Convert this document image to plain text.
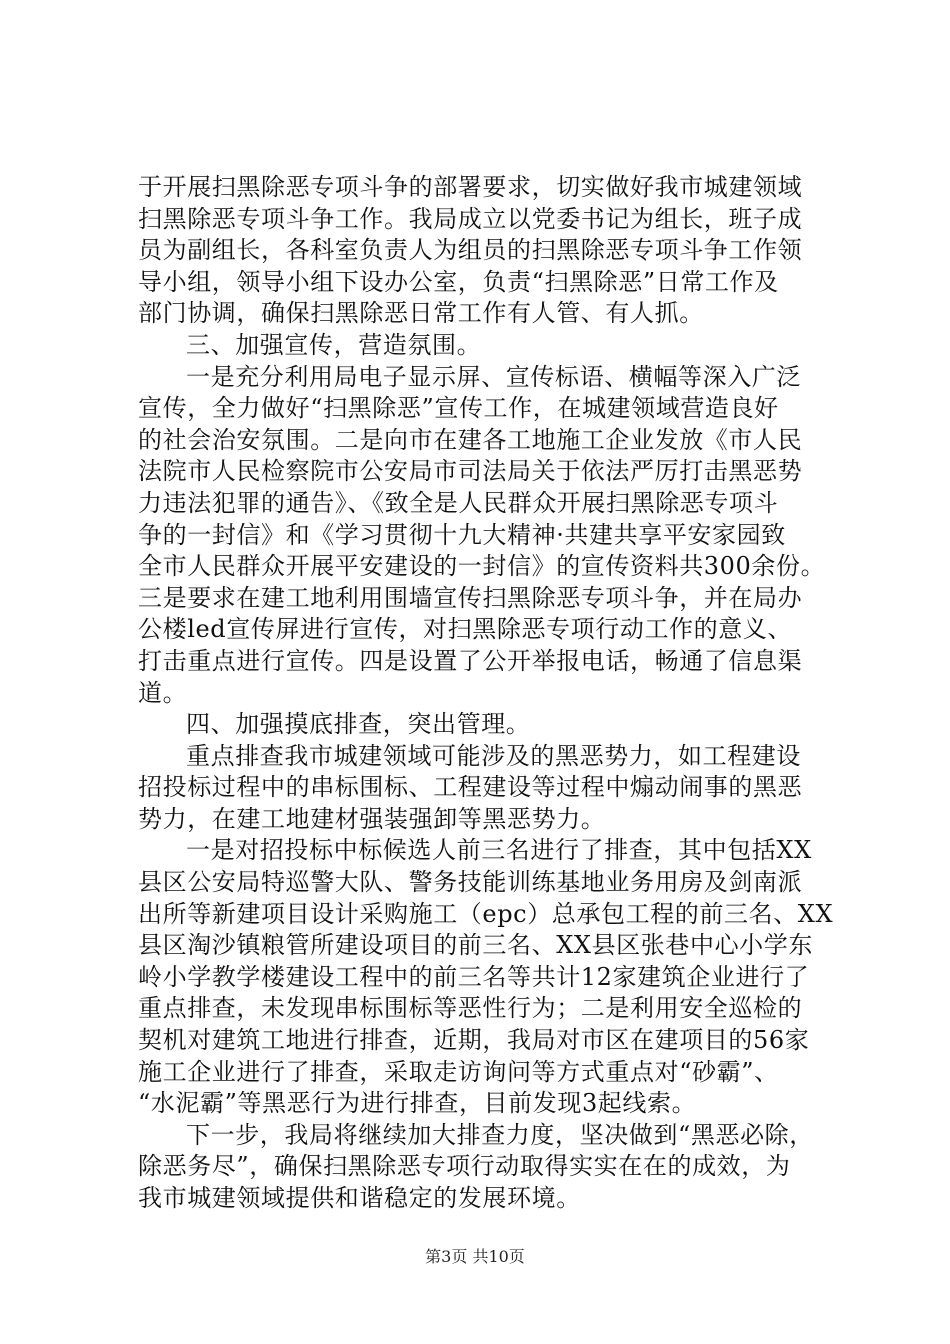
于开展扫黑除恶专项斗争的部署要求，切实做好我市城建领域
扫黑除恶专项斗争工作。我局成立以党委书记为组长，班子成
员为副组长，各科室负责人为组员的扫黑除恶专项斗争工作领
导小组，领导小组下设办公室，负责“扫黑除恶”日常工作及
部门协调，确保扫黑除恶日常工作有人管、有人抓。
三、加强宣传，营造氛围。
一是充分利用局电子显示屏、宣传标语、横幅等深入广泛
宣传，全力做好“扫黑除恶”宣传工作，在城建领域营造良好
的社会治安氛围。二是向市在建各工地施工企业发放《市人民
法院市人民检察院市公安局市司法局关于依法严厉打击黑恶势
力违法犯罪的通告》、《致全是人民群众开展扫黑除恶专项斗
争的一封信》和《学习贯彻十九大精神·共建共享平安家园致
全市人民群众开展平安建设的一封信》的宣传资料共300余份。
三是要求在建工地利用围墙宣传扫黑除恶专项斗争，并在局办
公楼led宣传屏进行宣传，对扫黑除恶专项行动工作的意义、
打击重点进行宣传。四是设置了公开举报电话，畅通了信息渠
道。
四、加强摸底排查，突出管理。
重点排查我市城建领域可能涉及的黑恶势力，如工程建设
招投标过程中的串标围标、工程建设等过程中煽动闹事的黑恶
势力，在建工地建材强装强卸等黑恶势力。
一是对招投标中标候选人前三名进行了排查，其中包括XX
县区公安局特巡警大队、警务技能训练基地业务用房及剑南派
出所等新建项目设计采购施工（epc）总承包工程的前三名、XX
县区淘沙镇粮管所建设项目的前三名、XX县区张巷中心小学东
岭小学教学楼建设工程中的前三名等共计12家建筑企业进行了
重点排查，未发现串标围标等恶性行为；二是利用安全巡检的
契机对建筑工地进行排查，近期，我局对市区在建项目的56家
施工企业进行了排查，采取走访询问等方式重点对“砂霸”、
“水泥霸”等黑恶行为进行排查，目前发现3起线索。
下一步，我局将继续加大排查力度，坚决做到“黑恶必除，
除恶务尽”，确保扫黑除恶专项行动取得实实在在的成效，为
我市城建领域提供和谐稳定的发展环境。
第3页 共10页
